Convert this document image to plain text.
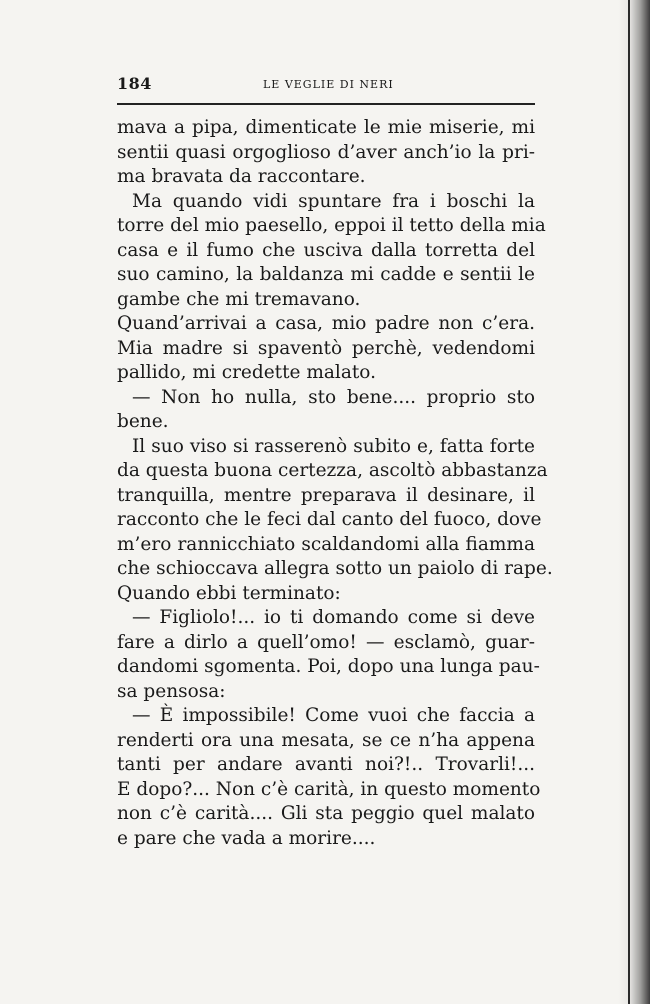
184	LE VEGLIE DI NERI
mava a pipa, dimenticate le mie miserie, mi
sentii quasi orgoglioso d’aver anch’io la pri-
ma bravata da raccontare.
Ma quando vidi spuntare fra i boschi la
torre del mio paesello, eppoi il tetto della mia
casa e il fumo che usciva dalla torretta del
suo camino, la baldanza mi cadde e sentii le
gambe che mi tremavano.
Quand’arrivai a casa, mio padre non c’era.
Mia madre si spaventò perchè, vedendomi
pallido, mi credette malato.
— Non ho nulla, sto bene.... proprio sto
bene.
Il suo viso si rasserenò subito e, fatta forte
da questa buona certezza, ascoltò abbastanza
tranquilla, mentre preparava il desinare, il
racconto che le feci dal canto del fuoco, dove
m’ero rannicchiato scaldandomi alla fiamma
che schioccava allegra sotto un paiolo di rape.
Quando ebbi terminato:
— Figliolo!... io ti domando come si deve
fare a dirlo a quell’omo! — esclamò, guar-
dandomi sgomenta. Poi, dopo una lunga pau-
sa pensosa:
— È impossibile! Come vuoi che faccia a
renderti ora una mesata, se ce n’ha appena
tanti per andare avanti noi?!.. Trovarli!...
E dopo?... Non c’è carità, in questo momento
non c’è carità.... Gli sta peggio quel malato
e pare che vada a morire....
